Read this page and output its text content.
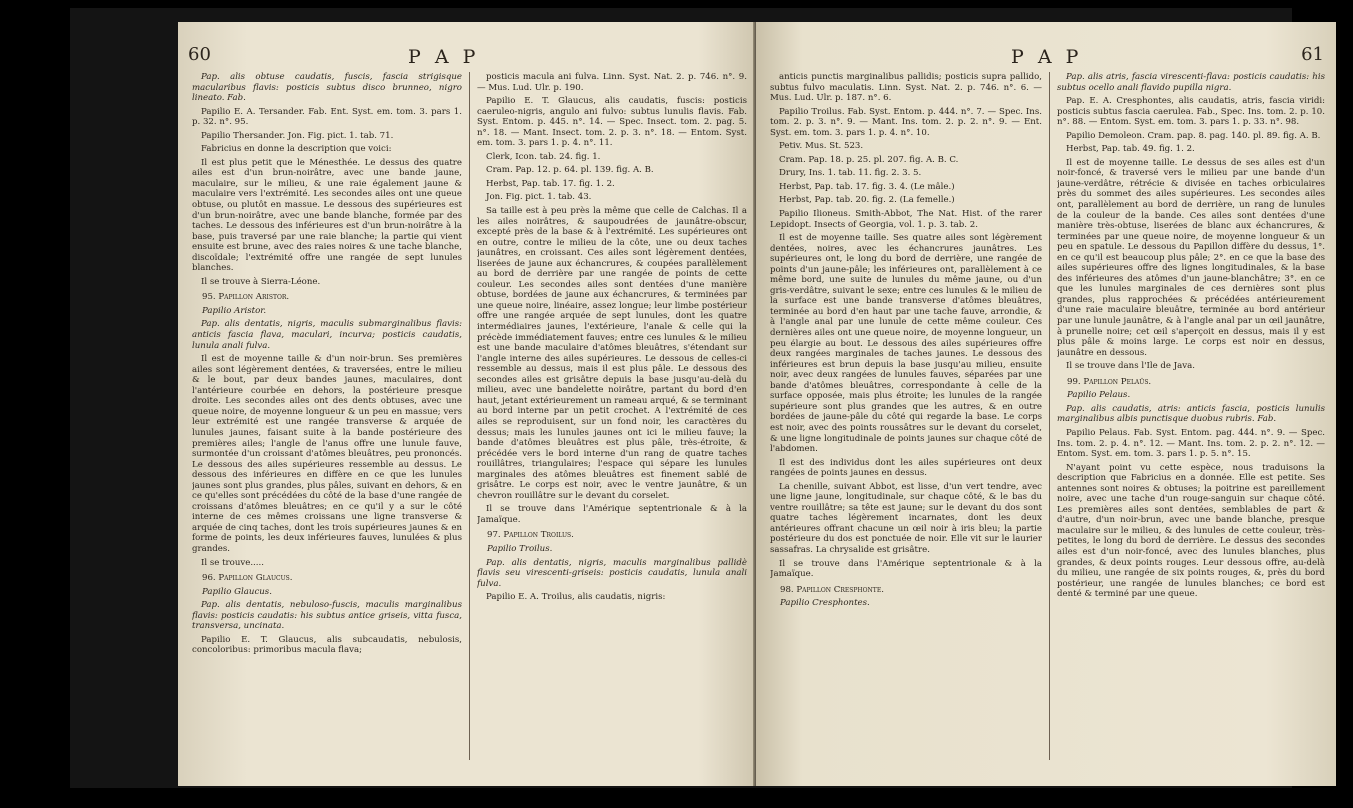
60	P A P

Pap. alis obtuse caudatis, fuscis, fascia strigisque macularibus flavis: posticis subtus disco brunneo, nigro lineato. Fab.

Papilio E. A. Tersander. Fab. Ent. Syst. em. tom. 3. pars 1. p. 32. n°. 95.

Papilio Thersander. Jon. Fig. pict. 1. tab. 71.

Fabricius en donne la description que voici:

Il est plus petit que le Ménesthée. Le dessus des quatre ailes est d'un brun-noirâtre, avec une bande jaune, maculaire, sur le milieu, & une raie également jaune & maculaire vers l'extrémité. Les secondes ailes ont une queue obtuse, ou plutôt en massue. Le dessous des supérieures est d'un brun-noirâtre, avec une bande blanche, formée par des taches. Le dessous des inférieures est d'un brun-noirâtre à la base, puis traversé par une raie blanche; la partie qui vient ensuite est brune, avec des raies noires & une tache blanche, discoïdale; l'extrémité offre une rangée de sept lunules blanches.

Il se trouve à Sierra-Léone.

95. Papillon Aristor.

Papilio Aristor.

Pap. alis dentatis, nigris, maculis submarginalibus flavis: anticis fascia flava, maculari, incurva; posticis caudatis, lunula anali fulva.

Il est de moyenne taille & d'un noir-brun. Ses premières ailes sont légèrement dentées, & traversées, entre le milieu & le bout, par deux bandes jaunes, maculaires, dont l'antérieure courbée en dehors, la postérieure presque droite. Les secondes ailes ont des dents obtuses, avec une queue noire, de moyenne longueur & un peu en massue; vers leur extrémité est une rangée transverse & arquée de lunules jaunes, faisant suite à la bande postérieure des premières ailes; l'angle de l'anus offre une lunule fauve, surmontée d'un croissant d'atômes bleuâtres, peu prononcés. Le dessous des ailes supérieures ressemble au dessus. Le dessous des inférieures en diffère en ce que les lunules jaunes sont plus grandes, plus pâles, suivant en dehors, & en ce qu'elles sont précédées du côté de la base d'une rangée de croissans d'atômes bleuâtres; en ce qu'il y a sur le côté interne de ces mêmes croissans une ligne transverse & arquée de cinq taches, dont les trois supérieures jaunes & en forme de points, les deux inférieures fauves, lunulées & plus grandes.

Il se trouve.....

96. Papillon Glaucus.

Papilio Glaucus.

Pap. alis dentatis, nebuloso-fuscis, maculis marginalibus flavis: posticis caudatis: his subtus antice griseis, vitta fusca, transversa, uncinata.

Papilio E. T. Glaucus, alis subcaudatis, nebulosis, concoloribus: primoribus macula flava;

posticis macula ani fulva. Linn. Syst. Nat. 2. p. 746. n°. 9. — Mus. Lud. Ulr. p. 190.

Papilio E. T. Glaucus, alis caudatis, fuscis: posticis caeruleo-nigris, angulo ani fulvo: subtus lunulis flavis. Fab. Syst. Entom. p. 445. n°. 14. — Spec. Insect. tom. 2. pag. 5. n°. 18. — Mant. Insect. tom. 2. p. 3. n°. 18. — Entom. Syst. em. tom. 3. pars 1. p. 4. n°. 11.

Clerk, Icon. tab. 24. fig. 1.

Cram. Pap. 12. p. 64. pl. 139. fig. A. B.

Herbst, Pap. tab. 17. fig. 1. 2.

Jon. Fig. pict. 1. tab. 43.

Sa taille est à peu près la même que celle de Calchas. Il a les ailes noirâtres, & saupoudrées de jaunâtre-obscur, excepté près de la base & à l'extrémité. Les supérieures ont en outre, contre le milieu de la côte, une ou deux taches jaunâtres, en croissant. Ces ailes sont légèrement dentées, liserées de jaune aux échancrures, & coupées parallèlement au bord de derrière par une rangée de points de cette couleur. Les secondes ailes sont dentées d'une manière obtuse, bordées de jaune aux échancrures, & terminées par une queue noire, linéaire, assez longue; leur limbe postérieur offre une rangée arquée de sept lunules, dont les quatre intermédiaires jaunes, l'extérieure, l'anale & celle qui la précède immédiatement fauves; entre ces lunules & le milieu est une bande maculaire d'atômes bleuâtres, s'étendant sur l'angle interne des ailes supérieures. Le dessous de celles-ci ressemble au dessus, mais il est plus pâle. Le dessous des secondes ailes est grisâtre depuis la base jusqu'au-delà du milieu, avec une bandelette noirâtre, partant du bord d'en haut, jetant extérieurement un rameau arqué, & se terminant au bord interne par un petit crochet. A l'extrémité de ces ailes se reproduisent, sur un fond noir, les caractères du dessus; mais les lunules jaunes ont ici le milieu fauve; la bande d'atômes bleuâtres est plus pâle, très-étroite, & précédée vers le bord interne d'un rang de quatre taches rouillâtres, triangulaires; l'espace qui sépare les lunules marginales des atômes bleuâtres est finement sablé de grisâtre. Le corps est noir, avec le ventre jaunâtre, & un chevron rouillâtre sur le devant du corselet.

Il se trouve dans l'Amérique septentrionale & à la Jamaïque.

97. Papillon Troilus.

Papilio Troilus.

Pap. alis dentatis, nigris, maculis marginalibus pallidè flavis seu virescenti-griseis: posticis caudatis, lunula anali fulva.

Papilio E. A. Troilus, alis caudatis, nigris:

P A P	61

anticis punctis marginalibus pallidis; posticis supra pallido, subtus fulvo maculatis. Linn. Syst. Nat. 2. p. 746. n°. 6. — Mus. Lud. Ulr. p. 187. n°. 6.

Papilio Troilus. Fab. Syst. Entom. p. 444. n°. 7. — Spec. Ins. tom. 2. p. 3. n°. 9. — Mant. Ins. tom. 2. p. 2. n°. 9. — Ent. Syst. em. tom. 3. pars 1. p. 4. n°. 10.

Petiv. Mus. St. 523.

Cram. Pap. 18. p. 25. pl. 207. fig. A. B. C.

Drury, Ins. 1. tab. 11. fig. 2. 3. 5.

Herbst, Pap. tab. 17. fig. 3. 4. (Le mâle.)

Herbst, Pap. tab. 20. fig. 2. (La femelle.)

Papilio Ilioneus. Smith-Abbot, The Nat. Hist. of the rarer Lepidopt. Insects of Georgia, vol. 1. p. 3. tab. 2.

Il est de moyenne taille. Ses quatre ailes sont légèrement dentées, noires, avec les échancrures jaunâtres. Les supérieures ont, le long du bord de derrière, une rangée de points d'un jaune-pâle; les inférieures ont, parallèlement à ce même bord, une suite de lunules du même jaune, ou d'un gris-verdâtre, suivant le sexe; entre ces lunules & le milieu de la surface est une bande transverse d'atômes bleuâtres, terminée au bord d'en haut par une tache fauve, arrondie, & à l'angle anal par une lunule de cette même couleur. Ces dernières ailes ont une queue noire, de moyenne longueur, un peu élargie au bout. Le dessous des ailes supérieures offre deux rangées marginales de taches jaunes. Le dessous des inférieures est brun depuis la base jusqu'au milieu, ensuite noir, avec deux rangées de lunules fauves, séparées par une bande d'atômes bleuâtres, correspondante à celle de la surface opposée, mais plus étroite; les lunules de la rangée supérieure sont plus grandes que les autres, & en outre bordées de jaune-pâle du côté qui regarde la base. Le corps est noir, avec des points roussâtres sur le devant du corselet, & une ligne longitudinale de points jaunes sur chaque côté de l'abdomen.

Il est des individus dont les ailes supérieures ont deux rangées de points jaunes en dessus.

La chenille, suivant Abbot, est lisse, d'un vert tendre, avec une ligne jaune, longitudinale, sur chaque côté, & le bas du ventre rouillâtre; sa tête est jaune; sur le devant du dos sont quatre taches légèrement incarnates, dont les deux antérieures offrant chacune un œil noir à iris bleu; la partie postérieure du dos est ponctuée de noir. Elle vit sur le laurier sassafras. La chrysalide est grisâtre.

Il se trouve dans l'Amérique septentrionale & à la Jamaïque.

98. Papillon Cresphonte.

Papilio Cresphontes.

Pap. alis atris, fascia virescenti-flava: posticis caudatis: his subtus ocello anali flavido pupilla nigra.

Pap. E. A. Cresphontes, alis caudatis, atris, fascia viridi: posticis subtus fascia caerulea. Fab., Spec. Ins. tom. 2. p. 10. n°. 88. — Entom. Syst. em. tom. 3. pars 1. p. 33. n°. 98.

Papilio Demoleon. Cram. pap. 8. pag. 140. pl. 89. fig. A. B.

Herbst, Pap. tab. 49. fig. 1. 2.

Il est de moyenne taille. Le dessus de ses ailes est d'un noir-foncé, & traversé vers le milieu par une bande d'un jaune-verdâtre, rétrécie & divisée en taches orbiculaires près du sommet des ailes supérieures. Les secondes ailes ont, parallèlement au bord de derrière, un rang de lunules de la couleur de la bande. Ces ailes sont dentées d'une manière très-obtuse, liserées de blanc aux échancrures, & terminées par une queue noire, de moyenne longueur & un peu en spatule. Le dessous du Papillon diffère du dessus, 1°. en ce qu'il est beaucoup plus pâle; 2°. en ce que la base des ailes supérieures offre des lignes longitudinales, & la base des inférieures des atômes d'un jaune-blanchâtre; 3°. en ce que les lunules marginales de ces dernières sont plus grandes, plus rapprochées & précédées antérieurement d'une raie maculaire bleuâtre, terminée au bord antérieur par une lunule jaunâtre, & à l'angle anal par un œil jaunâtre, à prunelle noire; cet œil s'aperçoit en dessus, mais il y est plus pâle & moins large. Le corps est noir en dessus, jaunâtre en dessous.

Il se trouve dans l'Ile de Java.

99. Papillon Pelaüs.

Papilio Pelaus.

Pap. alis caudatis, atris: anticis fascia, posticis lunulis marginalibus albis punctisque duobus rubris. Fab.

Papilio Pelaus. Fab. Syst. Entom. pag. 444. n°. 9. — Spec. Ins. tom. 2. p. 4. n°. 12. — Mant. Ins. tom. 2. p. 2. n°. 12. — Entom. Syst. em. tom. 3. pars 1. p. 5. n°. 15.

N'ayant point vu cette espèce, nous traduisons la description que Fabricius en a donnée. Elle est petite. Ses antennes sont noires & obtuses; la poitrine est pareillement noire, avec une tache d'un rouge-sanguin sur chaque côté. Les premières ailes sont dentées, semblables de part & d'autre, d'un noir-brun, avec une bande blanche, presque maculaire sur le milieu, & des lunules de cette couleur, très-petites, le long du bord de derrière. Le dessus des secondes ailes est d'un noir-foncé, avec des lunules blanches, plus grandes, & deux points rouges. Leur dessous offre, au-delà du milieu, une rangée de six points rouges, &, près du bord postérieur, une rangée de lunules blanches; ce bord est denté & terminé par une queue.
